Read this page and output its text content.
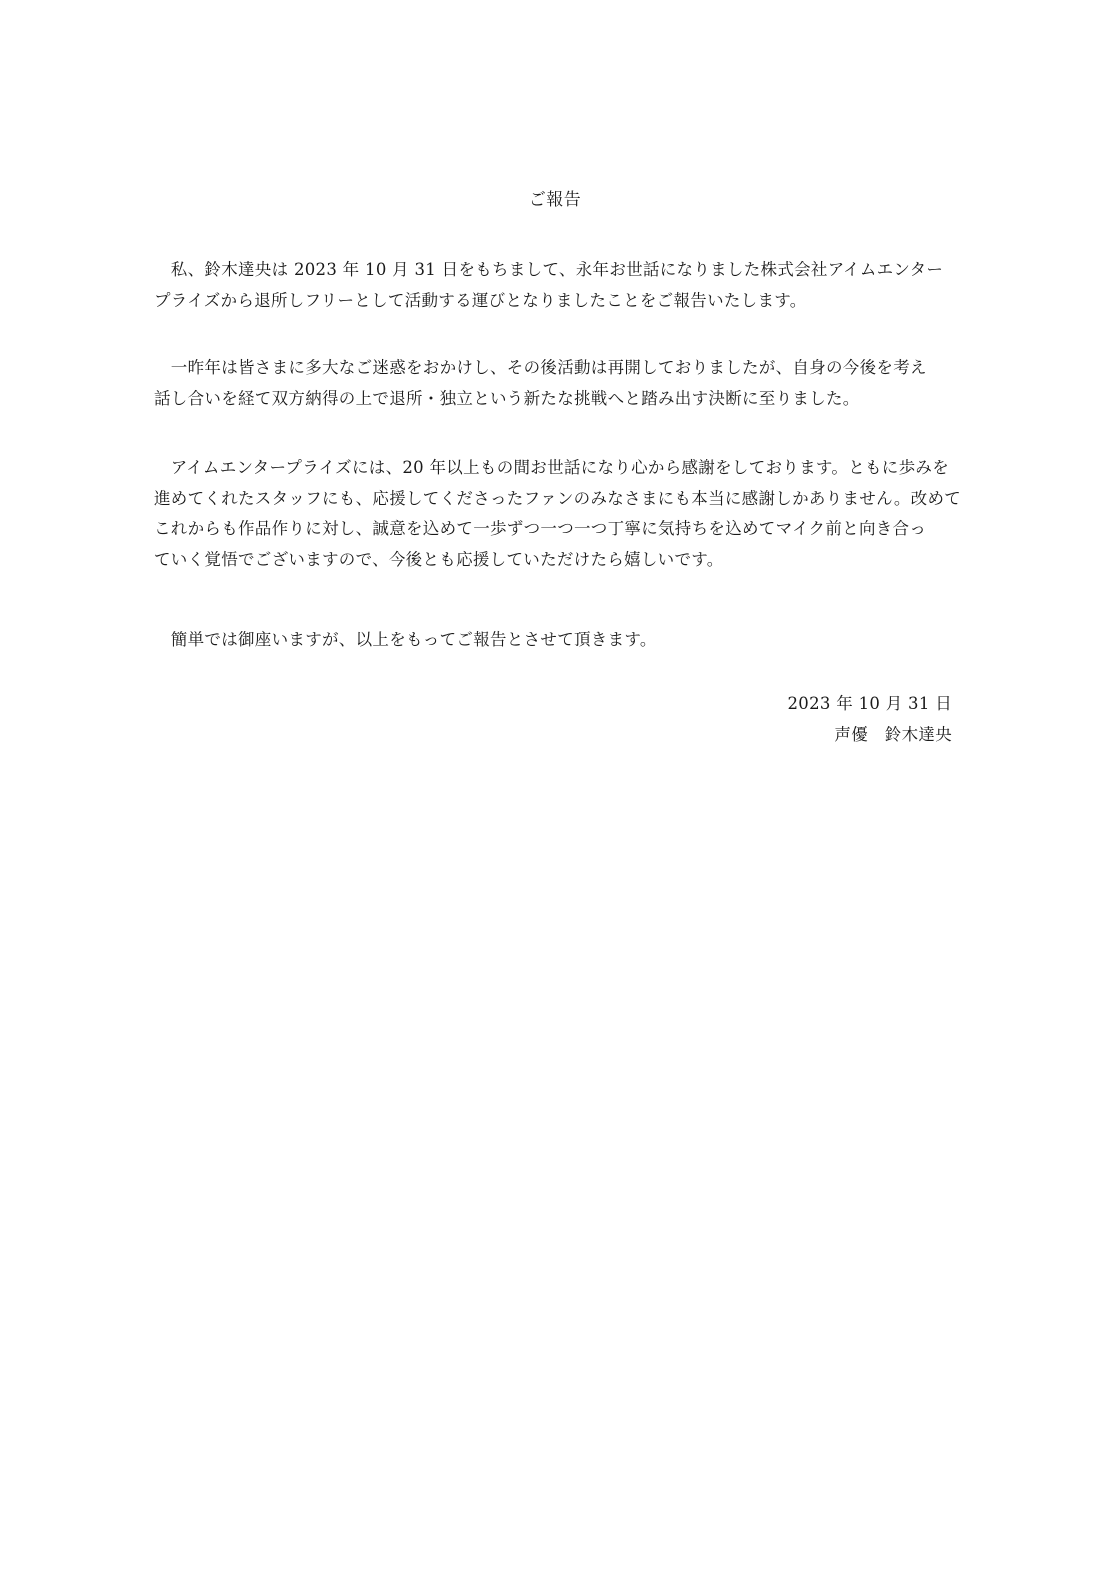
ご報告
　私、鈴木達央は 2023 年 10 月 31 日をもちまして、永年お世話になりました株式会社アイムエンター
プライズから退所しフリーとして活動する運びとなりましたことをご報告いたします。
　一昨年は皆さまに多大なご迷惑をおかけし、その後活動は再開しておりましたが、自身の今後を考え
話し合いを経て双方納得の上で退所・独立という新たな挑戦へと踏み出す決断に至りました。
　アイムエンタープライズには、20 年以上もの間お世話になり心から感謝をしております。ともに歩みを
進めてくれたスタッフにも、応援してくださったファンのみなさまにも本当に感謝しかありません。改めて
これからも作品作りに対し、誠意を込めて一歩ずつ一つ一つ丁寧に気持ちを込めてマイク前と向き合っ
ていく覚悟でございますので、今後とも応援していただけたら嬉しいです。
　簡単では御座いますが、以上をもってご報告とさせて頂きます。
2023 年 10 月 31 日
声優　鈴木達央
